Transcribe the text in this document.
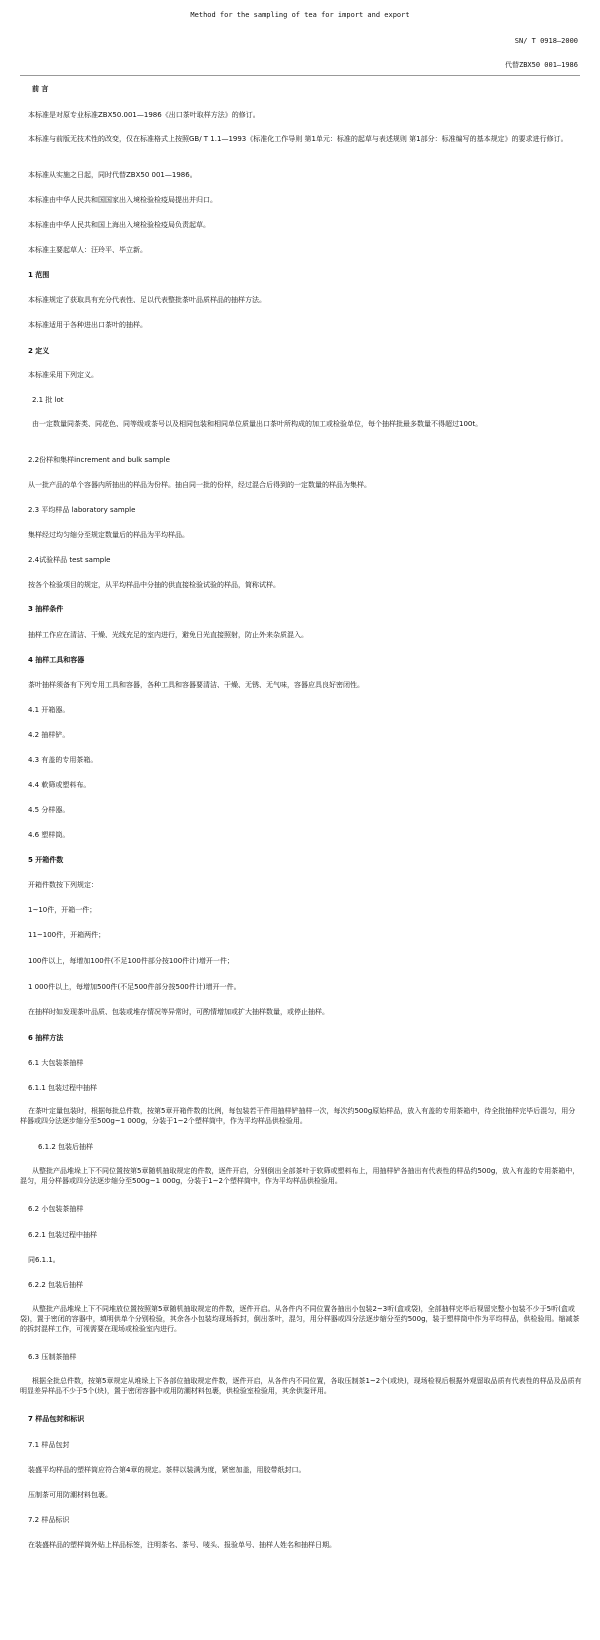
Method for the sampling of tea for import and export
SN/ T 0918—2000
代替ZBX50 001—1986
前 言
本标准是对原专业标准ZBX50.001—1986《出口茶叶取样方法》的修订。
本标准与前版无技术性的改变，仅在标准格式上按照GB/ T 1.1—1993《标准化工作导则 第1单元：标准的起草与表述规则 第1部分：标准编写的基本规定》的要求进行修订。
本标准从实施之日起，同时代替ZBX50 001—1986。
本标准由中华人民共和国国家出入境检验检疫局提出并归口。
本标准由中华人民共和国上海出入境检验检疫局负责起草。
本标准主要起草人：汪玲平、毕立新。
1 范围
本标准规定了获取具有充分代表性、足以代表整批茶叶品质样品的抽样方法。
本标准适用于各种进出口茶叶的抽样。
2 定义
本标准采用下列定义。
2.1 批 lot
由一定数量同茶类、同花色、同等级或茶号以及相同包装和相同单位质量出口茶叶所构成的加工或检验单位，每个抽样批最多数量不得超过100t。
2.2份样和集样increment and bulk sample
从一批产品的单个容器内所抽出的样品为份样。抽自同一批的份样，经过混合后得到的一定数量的样品为集样。
2.3 平均样品 laboratory sample
集样经过均匀缩分至规定数量后的样品为平均样品。
2.4试验样品 test sample
按各个检验项目的规定，从平均样品中分抽的供直接检验试验的样品，简称试样。
3 抽样条件
抽样工作应在清洁、干燥、光线充足的室内进行，避免日光直接照射，防止外来杂质混入。
4 抽样工具和容器
茶叶抽样须备有下列专用工具和容器，各种工具和容器要清洁、干燥、无锈、无气味，容器应具良好密闭性。
4.1 开箱器。
4.2 抽样铲。
4.3 有盖的专用茶箱。
4.4 軟筛或塑料布。
4.5 分样器。
4.6 塑样筒。
5 开箱件数
开箱件数按下列规定：
1~10件，开箱一件；
11~100件，开箱两件；
100件以上，每增加100件(不足100件部分按100件计)增开一件；
1 000件以上，每增加500件(不足500件部分按500件计)增开一件。
在抽样时如发现茶叶品质、包装或堆存情况等异常时，可酌情增加或扩大抽样数量，或停止抽样。
6 抽样方法
6.1 大包装茶抽样
6.1.1 包装过程中抽样
在茶叶定量包装时，根据每批总件数，按第5章开箱件数的比例，每包装若干件用抽样铲抽样一次，每次约500g原始样品，放入有盖的专用茶箱中，待全批抽样完毕后混匀，用分样器或四分法逐步缩分至500g~1 000g，分装于1~2个塑样筒中，作为平均样品供检验用。
6.1.2 包装后抽样
从整批产品堆垛上下不同位置按第5章随机抽取规定的件数，逐件开启，分别倒出全部茶叶于软筛或塑料布上，用抽样铲各抽出有代表性的样品约500g，放入有盖的专用茶箱中，混匀，用分样器或四分法逐步缩分至500g~1 000g，分装于1~2个塑样筒中，作为平均样品供检验用。
6.2 小包装茶抽样
6.2.1 包装过程中抽样
同6.1.1。
6.2.2 包装后抽样
从整批产品堆垛上下不同堆放位置按照第5章随机抽取规定的件数，逐件开启。从各件内不同位置各抽出小包装2~3听(盒或袋)，全部抽样完毕后视留完整小包装不少于5听(盒或袋)，置于密闭的容器中，填明供单个分别检验，其余各小包装均现场拆封，倒出茶叶，混匀，用分样器或四分法逐步缩分至约500g，装于塑样筒中作为平均样品，供检验用。缩减茶的拆封混样工作，可视需要在现场或检验室内进行。
6.3 压制茶抽样
根据全批总件数，按第5章规定从堆垛上下各部位抽取规定件数，逐件开启，从各件内不同位置，各取压制茶1~2个(或块)，现场检视后根据外观留取品质有代表性的样品及品质有明显差异样品不少于5个(块)，置于密闭容器中或用防潮材料包裹，供检验室检验用，其余供鉴评用。
7 样品包封和标识
7.1 样品包封
装盛平均样品的塑样筒应符合第4章的规定。茶样以装满为度，紧密加盖，用胶带纸封口。
压制茶可用防潮材料包裹。
7.2 样品标识
在装盛样品的塑样筒外贴上样品标签，注明茶名、茶号、唛头、报验单号、抽样人姓名和抽样日期。
